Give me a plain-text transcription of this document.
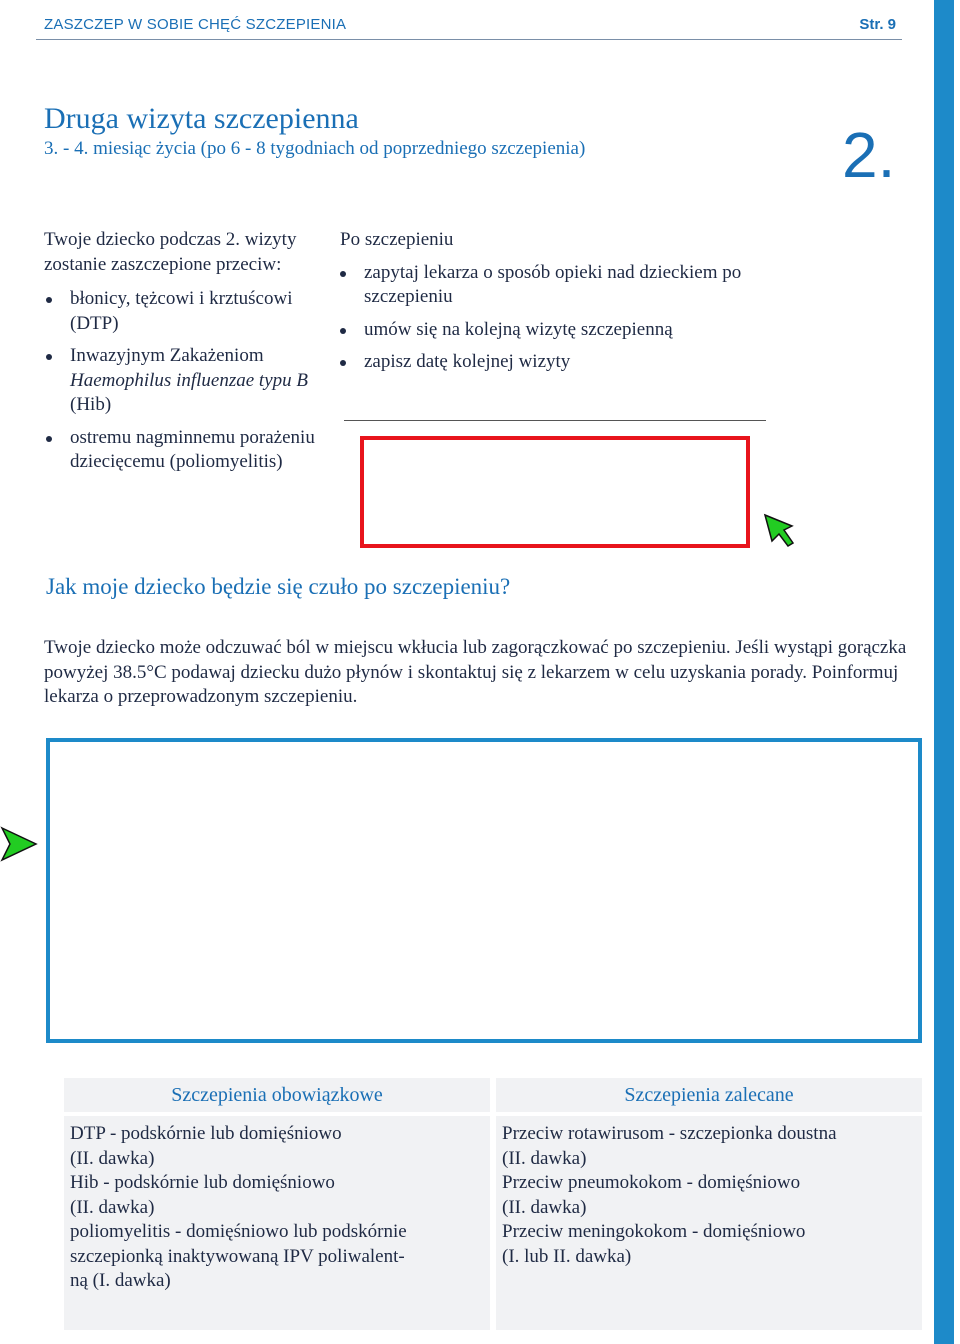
ZASZCZEP W SOBIE CHĘĆ SZCZEPIENIA	Str. 9
Druga wizyta szczepienna
3. - 4. miesiąc życia (po 6 - 8 tygodniach od poprzedniego szczepienia)	2.
Twoje dziecko podczas 2. wizyty zostanie zaszczepione przeciw:
błonicy, tężcowi i krztuścowi (DTP)
Inwazyjnym Zakażeniom Haemophilus influenzae typu B (Hib)
ostremu nagminnemu porażeniu dziecięcemu (poliomyelitis)
Po szczepieniu
zapytaj lekarza o sposób opieki nad dzieckiem po szczepieniu
umów się na kolejną wizytę szczepienną
zapisz datę kolejnej wizyty
Jak moje dziecko będzie się czuło po szczepieniu?
Twoje dziecko może odczuwać ból w miejscu wkłucia lub zagorączkować po szczepieniu. Jeśli wystąpi gorączka powyżej 38.5°C podawaj dziecku dużo płynów i skontaktuj się z lekarzem w celu uzyskania porady. Poinformuj lekarza o przeprowadzonym szczepieniu.
Szczepienia obowiązkowe
DTP - podskórnie lub domięśniowo
(II. dawka)
Hib - podskórnie lub domięśniowo
(II. dawka)
poliomyelitis - domięśniowo lub podskórnie
szczepionką inaktywowaną IPV poliwalent-
ną (I. dawka)
Szczepienia zalecane
Przeciw rotawirusom - szczepionka doustna
(II. dawka)
Przeciw pneumokokom - domięśniowo
(II. dawka)
Przeciw meningokokom - domięśniowo
(I. lub II. dawka)
